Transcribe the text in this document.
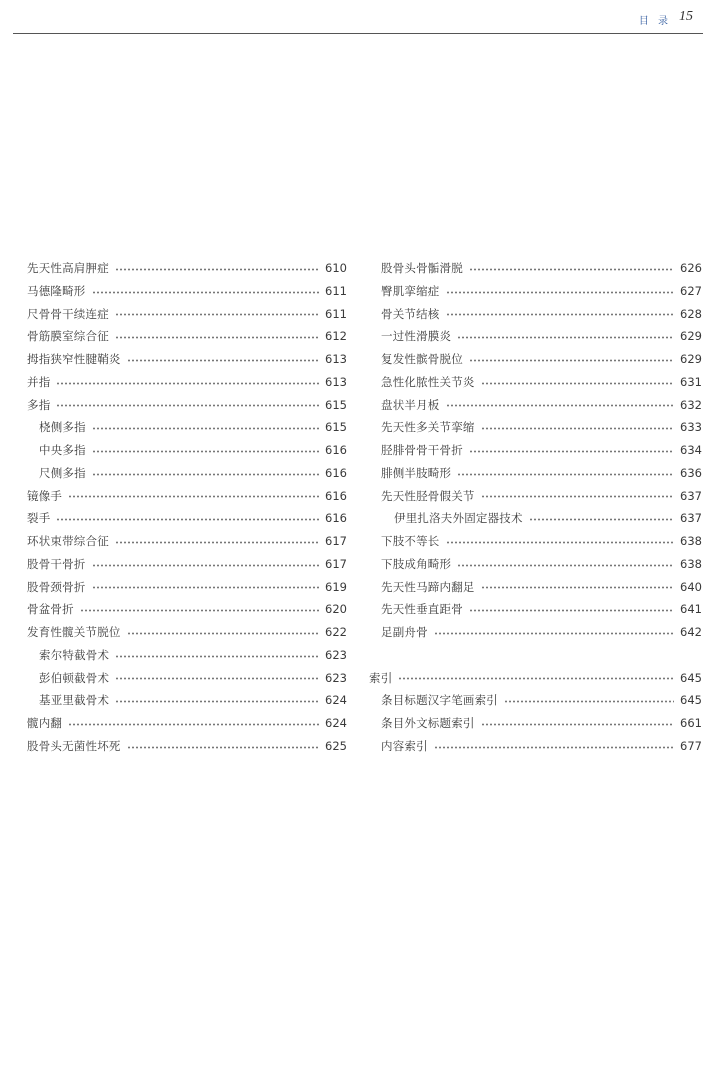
目 录 15
先天性高肩胛症	610
马德隆畸形	611
尺骨骨干续连症	611
骨筋膜室综合征	612
拇指狭窄性腱鞘炎	613
并指	613
多指	615
桡侧多指	615
中央多指	616
尺侧多指	616
镜像手	616
裂手	616
环状束带综合征	617
股骨干骨折	617
股骨颈骨折	619
骨盆骨折	620
发育性髋关节脱位	622
索尔特截骨术	623
彭伯顿截骨术	623
基亚里截骨术	624
髋内翻	624
股骨头无菌性坏死	625
股骨头骨骺滑脱	626
臀肌挛缩症	627
骨关节结核	628
一过性滑膜炎	629
复发性髌骨脱位	629
急性化脓性关节炎	631
盘状半月板	632
先天性多关节挛缩	633
胫腓骨骨干骨折	634
腓侧半肢畸形	636
先天性胫骨假关节	637
伊里扎洛夫外固定器技术	637
下肢不等长	638
下肢成角畸形	638
先天性马蹄内翻足	640
先天性垂直距骨	641
足副舟骨	642
索引	645
条目标题汉字笔画索引	645
条目外文标题索引	661
内容索引	677
